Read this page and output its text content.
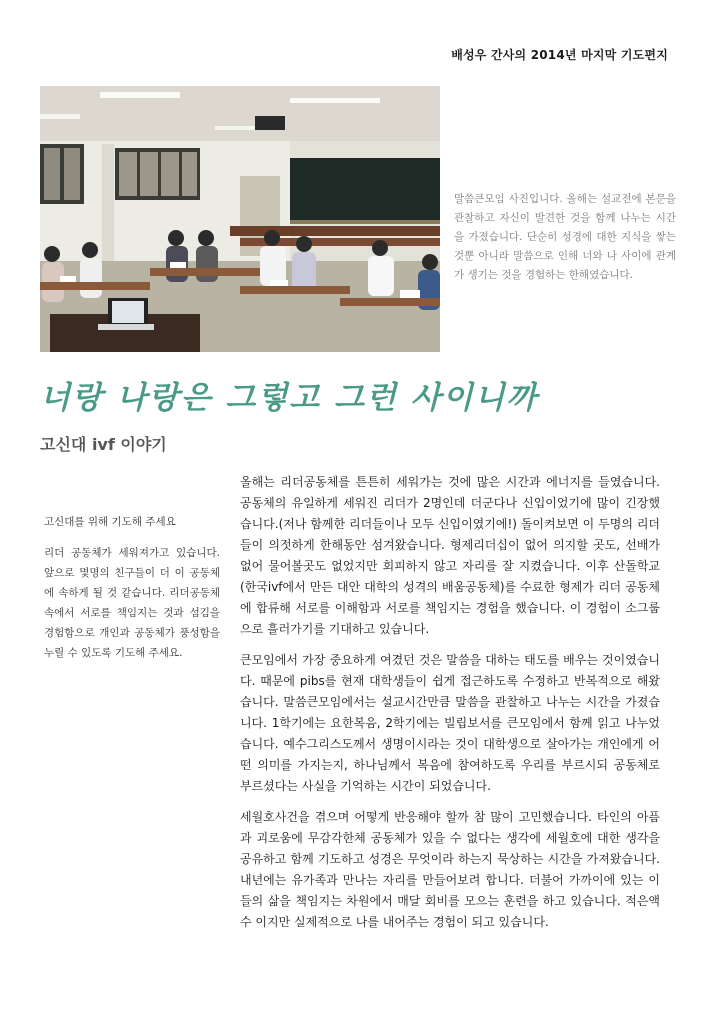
배성우 간사의 2014년 마지막 기도편지
말씀큰모임 사진입니다. 올해는 설교전에 본문을 관찰하고 자신이 발견한 것을 함께 나누는 시간을 가졌습니다. 단순히 성경에 대한 지식을 쌓는 것뿐 아니라 말씀으로 인해 너와 나 사이에 관계가 생기는 것을 경험하는 한해였습니다.
너랑 나랑은 그렇고 그런 사이니까
고신대 ivf 이야기
고신대를 위해 기도해 주세요
리더 공동체가 세워져가고 있습니다. 앞으로 몇명의 친구들이 더 이 공동체에 속하게 될 것 같습니다. 리더공동체 속에서 서로를 책임지는 것과 섬김을 경험함으로 개인과 공동체가 풍성함을 누릴 수 있도록 기도해 주세요.

올해는 리더공동체를 튼튼히 세워가는 것에 많은 시간과 에너지를 들였습니다. 공동체의 유일하게 세워진 리더가 2명인데 더군다나 신입이었기에 많이 긴장했습니다.(저나 함께한 리더들이나 모두 신입이였기에!) 돌이켜보면 이 두명의 리더들이 의젓하게 한해동안 섬겨왔습니다. 형제리더십이 없어 의지할 곳도, 선배가 없어 물어볼곳도 없었지만 회피하지 않고 자리를 잘 지켰습니다. 이후 산돌학교(한국ivf에서 만든 대안 대학의 성격의 배움공동체)를 수료한 형제가 리더 공동체에 합류해 서로를 이해함과 서로를 책임지는 경험을 했습니다. 이 경험이 소그룹으로 흘러가기를 기대하고 있습니다.

큰모임에서 가장 중요하게 여겼던 것은 말씀을 대하는 태도를 배우는 것이였습니다. 때문에 pibs를 현재 대학생들이 쉽게 접근하도록 수정하고 반복적으로 해왔습니다. 말씀큰모임에서는 설교시간만큼 말씀을 관찰하고 나누는 시간을 가졌습니다. 1학기에는 요한복음, 2학기에는 빌립보서를 큰모임에서 함께 읽고 나누었습니다. 예수그리스도께서 생명이시라는 것이 대학생으로 살아가는 개인에게 어떤 의미를 가지는지, 하나님께서 복음에 참여하도록 우리를 부르시되 공동체로 부르셨다는 사실을 기억하는 시간이 되었습니다.

세월호사건을 겪으며 어떻게 반응해야 할까 참 많이 고민했습니다. 타인의 아픔과 괴로움에 무감각한체 공동체가 있을 수 없다는 생각에 세월호에 대한 생각을 공유하고 함께 기도하고 성경은 무엇이라 하는지 묵상하는 시간을 가져왔습니다. 내년에는 유가족과 만나는 자리를 만들어보려 합니다. 더불어 가까이에 있는 이들의 삶을 책임지는 차원에서 매달 회비를 모으는 훈련을 하고 있습니다. 적은액수 이지만 실제적으로 나를 내어주는 경험이 되고 있습니다.
